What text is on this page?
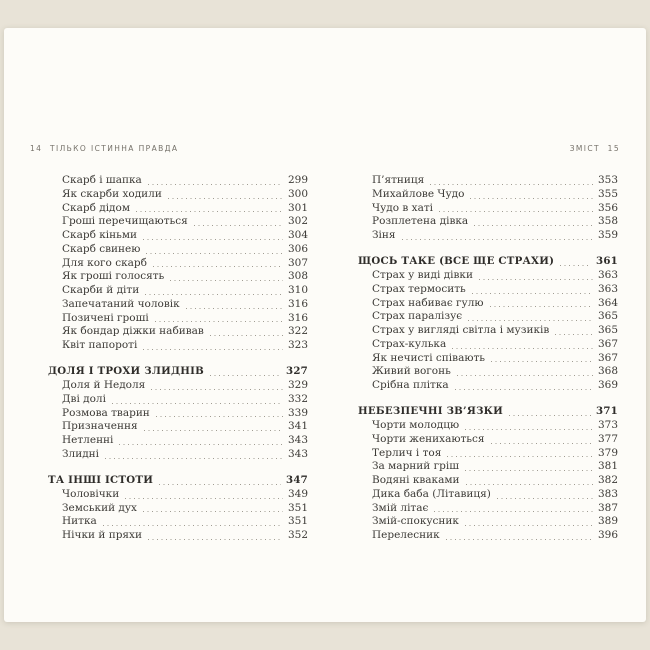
14 ТІЛЬКО ІСТИННА ПРАВДА	ЗМІСТ 15
Скарб і шапка	299
Як скарби ходили	300
Скарб дідом	301
Гроші перечищаються	302
Скарб кіньми	304
Скарб свинею	306
Для кого скарб	307
Як гроші голосять	308
Скарби й діти	310
Запечатаний чоловік	316
Позичені гроші	316
Як бондар діжки набивав	322
Квіт папороті	323
ДОЛЯ І ТРОХИ ЗЛИДНІВ	327
Доля й Недоля	329
Дві долі	332
Розмова тварин	339
Призначення	341
Нетленні	343
Злидні	343
ТА ІНШІ ІСТОТИ	347
Чоловічки	349
Земський дух	351
Нитка	351
Нічки й пряхи	352
П’ятниця	353
Михайлове Чудо	355
Чудо в хаті	356
Розплетена дівка	358
Зіня	359
ЩОСЬ ТАКЕ (ВСЕ ЩЕ СТРАХИ)	361
Страх у виді дівки	363
Страх термосить	363
Страх набиває гулю	364
Страх паралізує	365
Страх у вигляді світла і музиків	365
Страх-кулька	367
Як нечисті співають	367
Живий вогонь	368
Срібна плітка	369
НЕБЕЗПЕЧНІ ЗВ’ЯЗКИ	371
Чорти молодцю	373
Чорти женихаються	377
Терлич і тоя	379
За марний гріш	381
Водяні кваками	382
Дика баба (Літавиця)	383
Змій літає	387
Змій-спокусник	389
Перелесник	396
